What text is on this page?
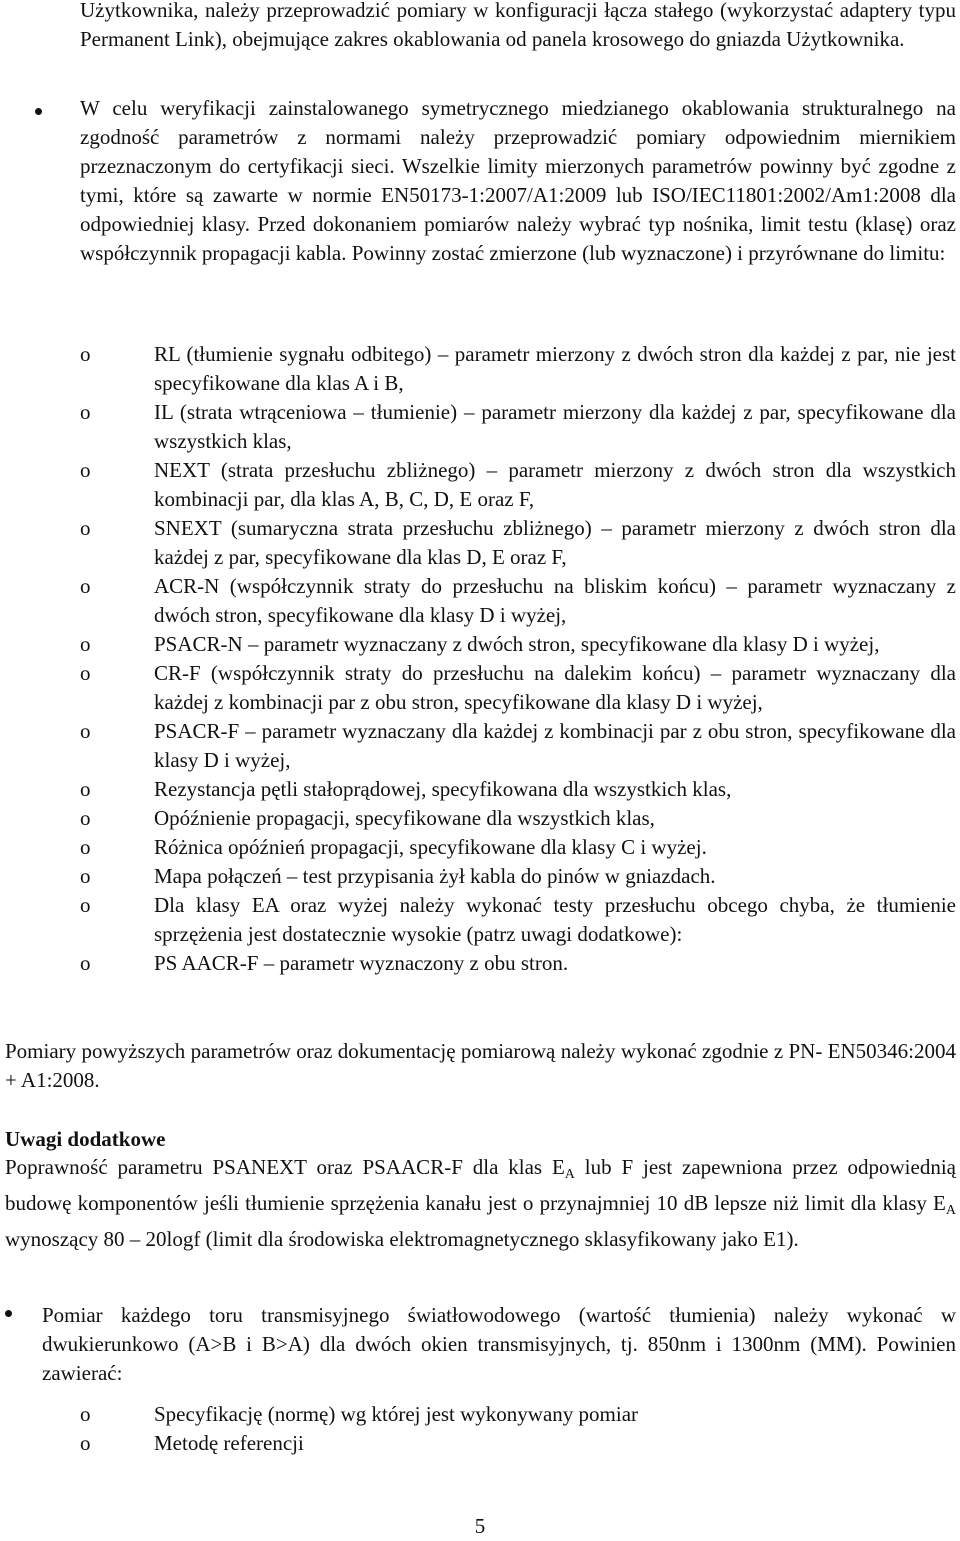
Użytkownika, należy przeprowadzić pomiary w konfiguracji łącza stałego (wykorzystać adaptery typu Permanent Link), obejmujące zakres okablowania od panela krosowego do gniazda Użytkownika.
W celu weryfikacji zainstalowanego symetrycznego miedzianego okablowania strukturalnego na zgodność parametrów z normami należy przeprowadzić pomiary odpowiednim miernikiem przeznaczonym do certyfikacji sieci. Wszelkie limity mierzonych parametrów powinny być zgodne z tymi, które są zawarte w normie EN50173-1:2007/A1:2009 lub ISO/IEC11801:2002/Am1:2008 dla odpowiedniej klasy. Przed dokonaniem pomiarów należy wybrać typ nośnika, limit testu (klasę) oraz współczynnik propagacji kabla. Powinny zostać zmierzone (lub wyznaczone) i przyrównane do limitu:
o	RL (tłumienie sygnału odbitego) – parametr mierzony z dwóch stron dla każdej z par, nie jest specyfikowane dla klas A i B,
o	IL (strata wtrąceniowa – tłumienie) – parametr mierzony dla każdej z par, specyfikowane dla wszystkich klas,
o	NEXT (strata przesłuchu zbliżnego) – parametr mierzony z dwóch stron dla wszystkich kombinacji par, dla klas A, B, C, D, E oraz F,
o	SNEXT (sumaryczna strata przesłuchu zbliżnego) – parametr mierzony z dwóch stron dla każdej z par, specyfikowane dla klas D, E oraz F,
o	ACR-N (współczynnik straty do przesłuchu na bliskim końcu) – parametr wyznaczany z dwóch stron, specyfikowane dla klasy D i wyżej,
o	PSACR-N – parametr wyznaczany z dwóch stron, specyfikowane dla klasy D i wyżej,
o	CR-F (współczynnik straty do przesłuchu na dalekim końcu) – parametr wyznaczany dla każdej z kombinacji par z obu stron, specyfikowane dla klasy D i wyżej,
o	PSACR-F – parametr wyznaczany dla każdej z kombinacji par z obu stron, specyfikowane dla klasy D i wyżej,
o	Rezystancja pętli stałoprądowej, specyfikowana dla wszystkich klas,
o	Opóźnienie propagacji, specyfikowane dla wszystkich klas,
o	Różnica opóźnień propagacji, specyfikowane dla klasy C i wyżej.
o	Mapa połączeń – test przypisania żył kabla do pinów w gniazdach.
o	Dla klasy EA oraz wyżej należy wykonać testy przesłuchu obcego chyba, że tłumienie sprzężenia jest dostatecznie wysokie (patrz uwagi dodatkowe):
o	PS AACR-F – parametr wyznaczony z obu stron.
Pomiary powyższych parametrów oraz dokumentację pomiarową należy wykonać zgodnie z PN- EN50346:2004 + A1:2008.
Uwagi dodatkowe
Poprawność parametru PSANEXT oraz PSAACR-F dla klas $E_A$ lub F jest zapewniona przez odpowiednią budowę komponentów jeśli tłumienie sprzężenia kanału jest o przynajmniej 10 dB lepsze niż limit dla klasy $E_A$ wynoszący 80 – 20logf (limit dla środowiska elektromagnetycznego sklasyfikowany jako E1).
Pomiar każdego toru transmisyjnego światłowodowego (wartość tłumienia) należy wykonać w dwukierunkowo (A>B i B>A) dla dwóch okien transmisyjnych, tj. 850nm i 1300nm (MM). Powinien zawierać:
o	Specyfikację (normę) wg której jest wykonywany pomiar
o	Metodę referencji
5
